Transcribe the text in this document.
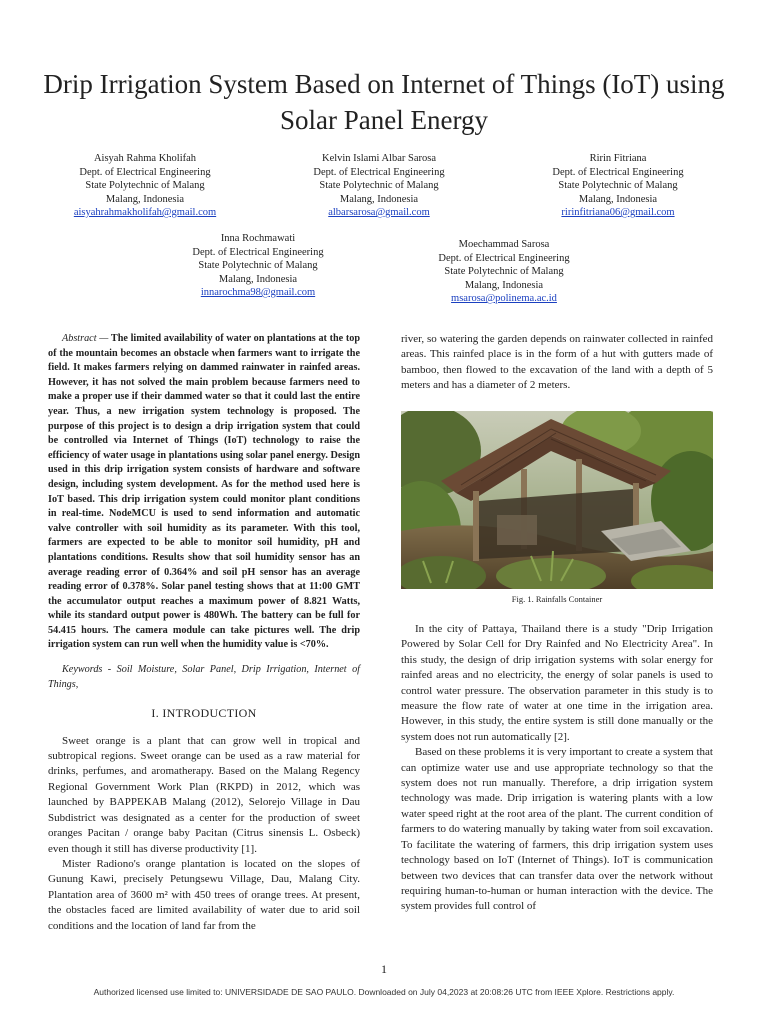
Drip Irrigation System Based on Internet of Things (IoT) using Solar Panel Energy
Aisyah Rahma Kholifah
Dept. of Electrical Engineering
State Polytechnic of Malang
Malang, Indonesia
aisyahrahmakholifah@gmail.com
Kelvin Islami Albar Sarosa
Dept. of Electrical Engineering
State Polytechnic of Malang
Malang, Indonesia
albarsarosa@gmail.com
Ririn Fitriana
Dept. of Electrical Engineering
State Polytechnic of Malang
Malang, Indonesia
ririnfitriana06@gmail.com
Inna Rochmawati
Dept. of Electrical Engineering
State Polytechnic of Malang
Malang, Indonesia
innarochma98@gmail.com
Moechammad Sarosa
Dept. of Electrical Engineering
State Polytechnic of Malang
Malang, Indonesia
msarosa@polinema.ac.id
Abstract — The limited availability of water on plantations at the top of the mountain becomes an obstacle when farmers want to irrigate the field. It makes farmers relying on dammed rainwater in rainfed areas. However, it has not solved the main problem because farmers need to make a proper use if their dammed water so that it could last the entire year. Thus, a new irrigation system technology is proposed. The purpose of this project is to design a drip irrigation system that could be controlled via Internet of Things (IoT) technology to raise the efficiency of water usage in plantations using solar panel energy. Design used in this drip irrigation system consists of hardware and software design, including system development. As for the method used here is IoT based. This drip irrigation system could monitor plant conditions in real-time. NodeMCU is used to send information and automatic valve controller with soil humidity as its parameter. With this tool, farmers are expected to be able to monitor soil humidity, pH and plantations conditions. Results show that soil humidity sensor has an average reading error of 0.364% and soil pH sensor has an average reading error of 0.378%. Solar panel testing shows that at 11:00 GMT the accumulator output reaches a maximum power of 8.821 Watts, while its standard output power is 480Wh. The battery can be full for 54.415 hours. The camera module can take pictures well. The drip irrigation system can run well when the humidity value is <70%.
Keywords - Soil Moisture, Solar Panel, Drip Irrigation, Internet of Things,
I. INTRODUCTION

Sweet orange is a plant that can grow well in tropical and subtropical regions. Sweet orange can be used as a raw material for drinks, perfumes, and aromatherapy. Based on the Malang Regency Regional Government Work Plan (RKPD) in 2012, which was launched by BAPPEKAB Malang (2012), Selorejo Village in Dau Subdistrict was designated as a center for the production of sweet oranges Pacitan / orange baby Pacitan (Citrus sinensis L. Osbeck) even though it still has diverse productivity [1].

Mister Radiono's orange plantation is located on the slopes of Gunung Kawi, precisely Petungsewu Village, Dau, Malang City. Plantation area of 3600 m² with 450 trees of orange trees. At present, the obstacles faced are limited availability of water due to arid soil conditions and the location of land far from the

river, so watering the garden depends on rainwater collected in rainfed areas. This rainfed place is in the form of a hut with gutters made of bamboo, then flowed to the excavation of the land with a depth of 5 meters and has a diameter of 2 meters.

Fig. 1. Rainfalls Container

In the city of Pattaya, Thailand there is a study "Drip Irrigation Powered by Solar Cell for Dry Rainfed and No Electricity Area". In this study, the design of drip irrigation systems with solar energy for rainfed areas and no electricity, the energy of solar panels is used to control water pressure. The observation parameter in this study is to measure the flow rate of water at one time in the irrigation area. However, in this study, the entire system is still done manually or the system does not run automatically [2].

Based on these problems it is very important to create a system that can optimize water use and use appropriate technology so that the system does not run manually. Therefore, a drip irrigation system technology was made. Drip irrigation is watering plants with a low water speed right at the root area of the plant. The current condition of farmers to do watering manually by taking water from soil excavation. To facilitate the watering of farmers, this drip irrigation system uses technology based on IoT (Internet of Things). IoT is communication between two devices that can transfer data over the network without requiring human-to-human or human interaction with the device. The system provides full control of

1
Authorized licensed use limited to: UNIVERSIDADE DE SAO PAULO. Downloaded on July 04,2023 at 20:08:26 UTC from IEEE Xplore. Restrictions apply.
